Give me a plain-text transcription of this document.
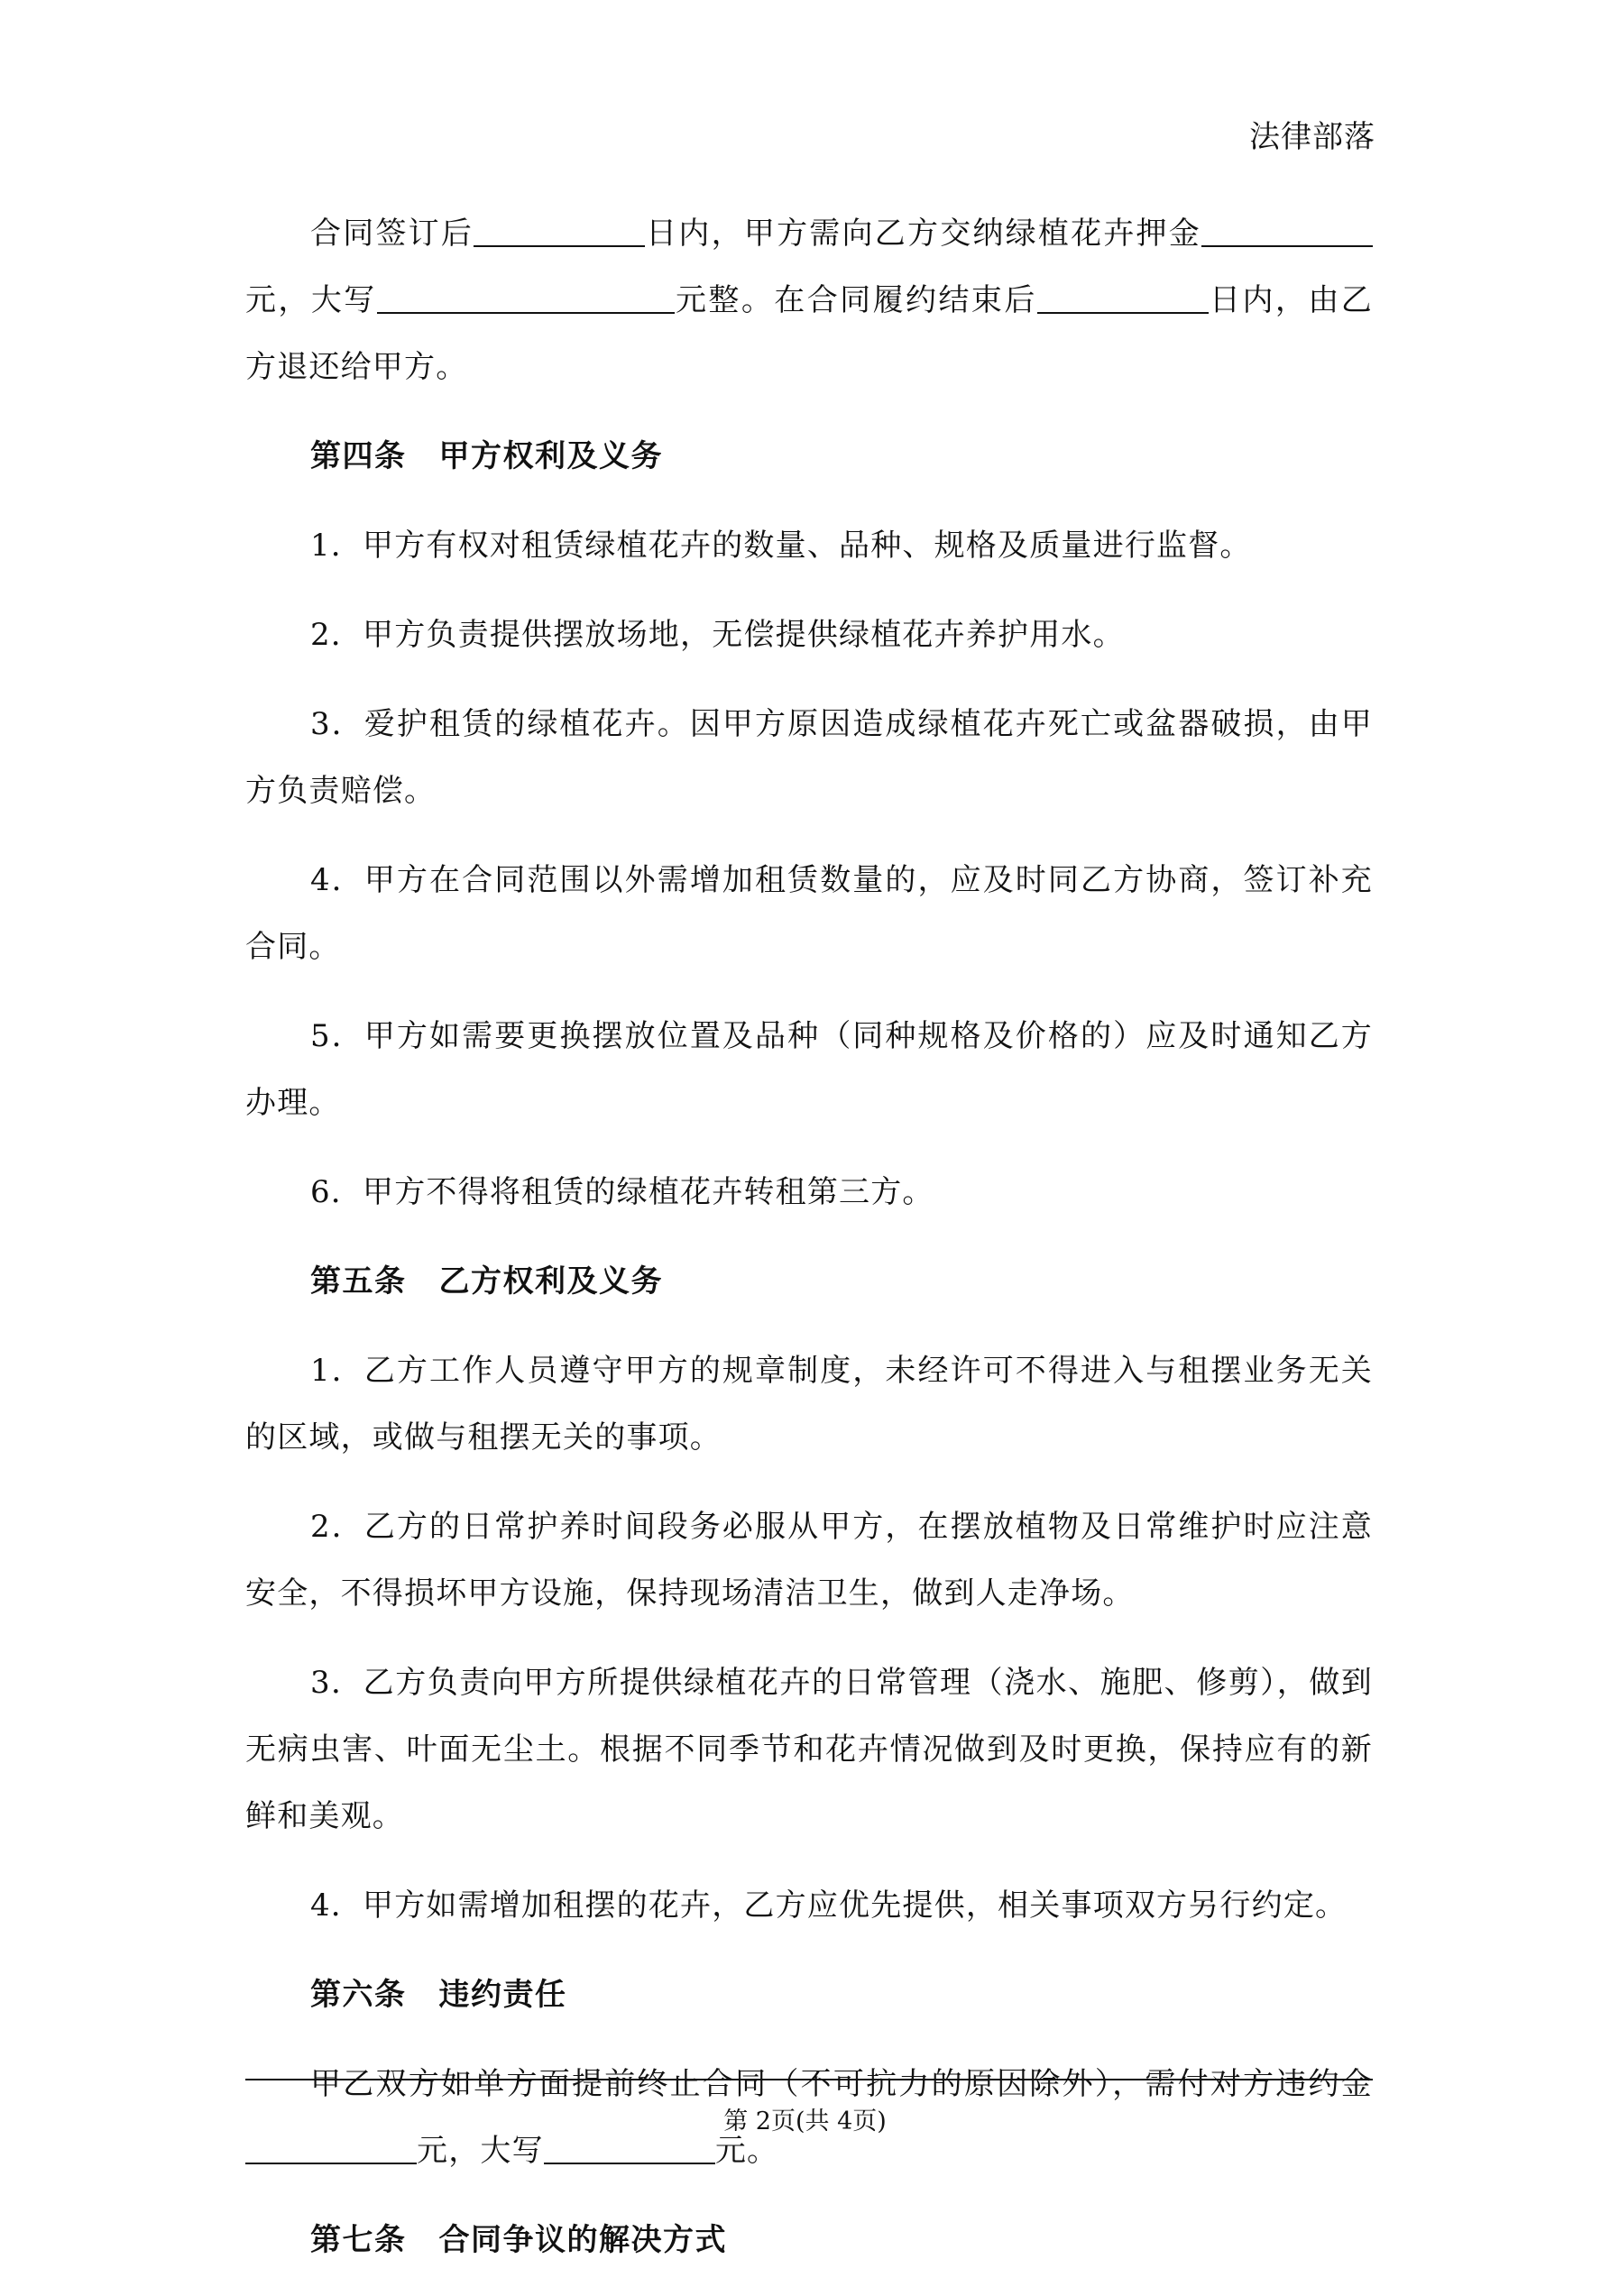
法律部落

合同签订后	日内，甲方需向乙方交纳绿植花卉押金元，大写	元整。在合同履约结束后	日内，由乙方退还给甲方。

第四条 甲方权利及义务

1．甲方有权对租赁绿植花卉的数量、品种、规格及质量进行监督。

2．甲方负责提供摆放场地，无偿提供绿植花卉养护用水。

3．爱护租赁的绿植花卉。因甲方原因造成绿植花卉死亡或盆器破损，由甲方负责赔偿。

4．甲方在合同范围以外需增加租赁数量的，应及时同乙方协商，签订补充合同。

5．甲方如需要更换摆放位置及品种（同种规格及价格的）应及时通知乙方办理。

6．甲方不得将租赁的绿植花卉转租第三方。

第五条 乙方权利及义务

1．乙方工作人员遵守甲方的规章制度，未经许可不得进入与租摆业务无关的区域，或做与租摆无关的事项。

2．乙方的日常护养时间段务必服从甲方，在摆放植物及日常维护时应注意安全，不得损坏甲方设施，保持现场清洁卫生，做到人走净场。

3．乙方负责向甲方所提供绿植花卉的日常管理（浇水、施肥、修剪），做到无病虫害、叶面无尘土。根据不同季节和花卉情况做到及时更换，保持应有的新鲜和美观。

4．甲方如需增加租摆的花卉，乙方应优先提供，相关事项双方另行约定。

第六条 违约责任

甲乙双方如单方面提前终止合同（不可抗力的原因除外），需付对方违约金元，大写	元。

第七条 合同争议的解决方式

第 2页(共 4页)
